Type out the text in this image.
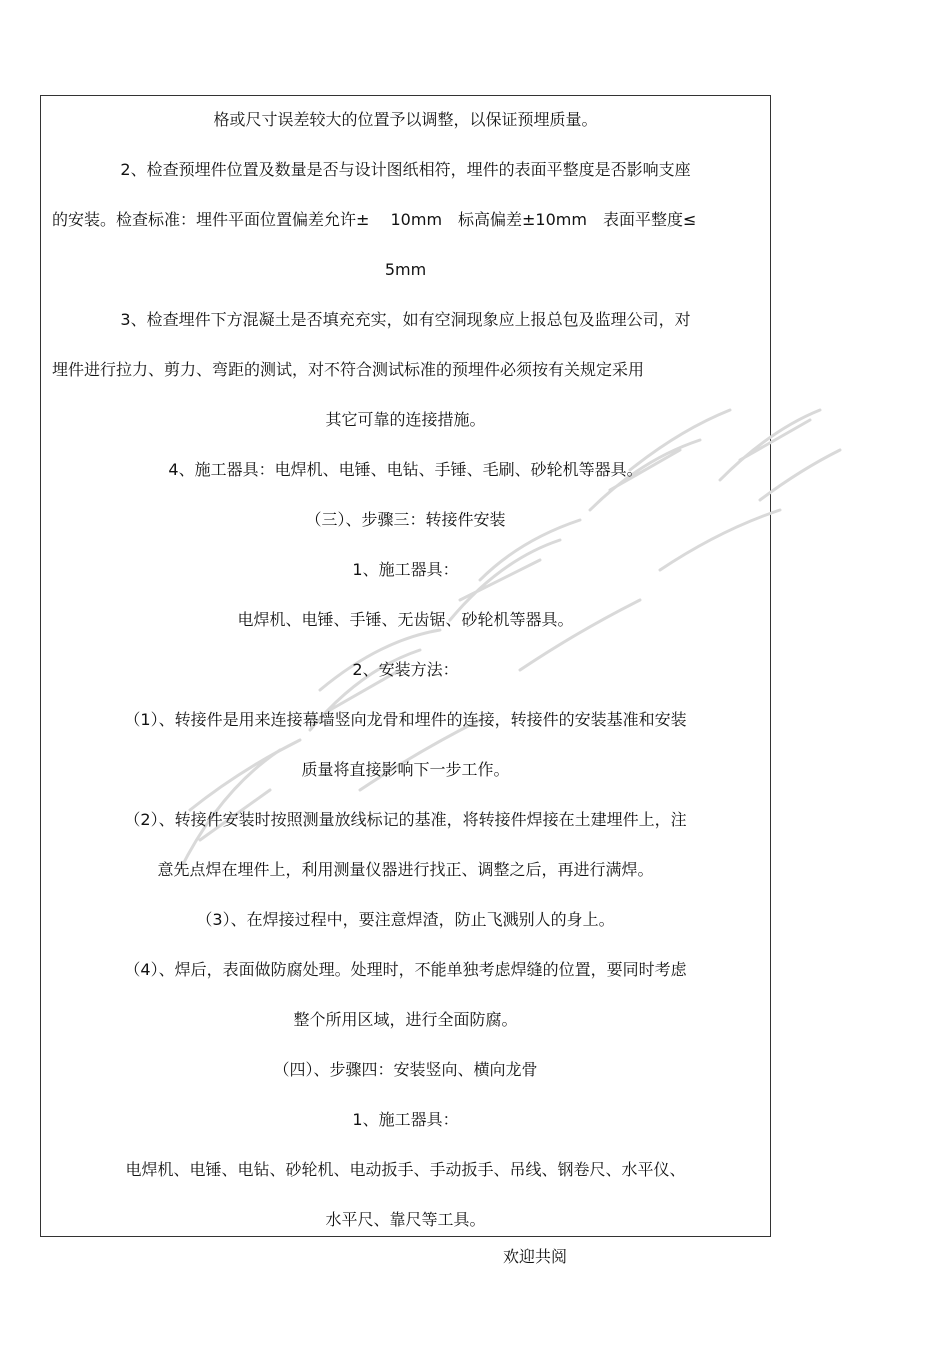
格或尺寸误差较大的位置予以调整，以保证预埋质量。
2、检查预埋件位置及数量是否与设计图纸相符，埋件的表面平整度是否影响支座
的安装。检查标准：埋件平面位置偏差允许±　 10mm　标高偏差±10mm　表面平整度≤
5mm
3、检查埋件下方混凝土是否填充充实，如有空洞现象应上报总包及监理公司，对
埋件进行拉力、剪力、弯距的测试，对不符合测试标准的预埋件必须按有关规定采用
其它可靠的连接措施。
4、施工器具：电焊机、电锤、电钻、手锤、毛刷、砂轮机等器具。
（三）、步骤三：转接件安装
1、施工器具：
电焊机、电锤、手锤、无齿锯、砂轮机等器具。
2、安装方法：
（1）、转接件是用来连接幕墙竖向龙骨和埋件的连接，转接件的安装基准和安装
质量将直接影响下一步工作。
（2）、转接件安装时按照测量放线标记的基准，将转接件焊接在土建埋件上，注
意先点焊在埋件上，利用测量仪器进行找正、调整之后，再进行满焊。
（3）、在焊接过程中，要注意焊渣，防止飞溅别人的身上。
（4）、焊后，表面做防腐处理。处理时，不能单独考虑焊缝的位置，要同时考虑
整个所用区域，进行全面防腐。
（四）、步骤四：安装竖向、横向龙骨
1、施工器具：
电焊机、电锤、电钻、砂轮机、电动扳手、手动扳手、吊线、钢卷尺、水平仪、
水平尺、靠尺等工具。
欢迎共阅
